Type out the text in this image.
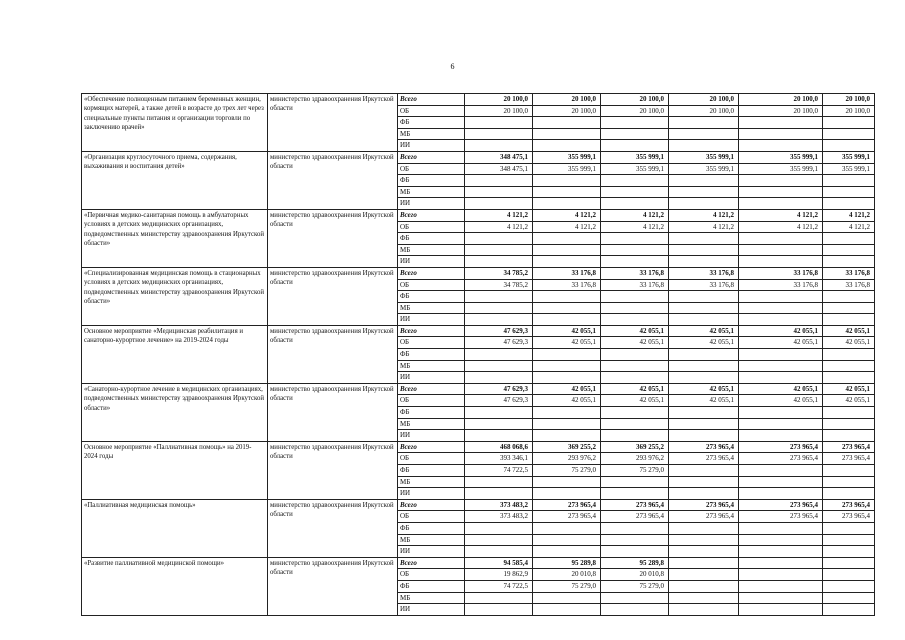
6
«Обеспечение полноценным питанием беременных женщин, кормящих матерей, а также детей в возрасте до трех лет через специальные пункты питания и организации торговли по заключению врачей»	министерство здравоохранения Иркутской области	Всего	20 100,0	20 100,0	20 100,0	20 100,0	20 100,0	20 100,0	
		ОБ	20 100,0	20 100,0	20 100,0	20 100,0	20 100,0	20 100,0	
		ФБ							
		МБ							
		ИИ							
«Организация круглосуточного приема, содержания, выхаживания и воспитания детей»	министерство здравоохранения Иркутской области	Всего	348 475,1	355 999,1	355 999,1	355 999,1	355 999,1	355 999,1	
		ОБ	348 475,1	355 999,1	355 999,1	355 999,1	355 999,1	355 999,1	
		ФБ							
		МБ							
		ИИ							
«Первичная медико-санитарная помощь в амбулаторных условиях в детских медицинских организациях, подведомственных министерству здравоохранения Иркутской области»	министерство здравоохранения Иркутской области	Всего	4 121,2	4 121,2	4 121,2	4 121,2	4 121,2	4 121,2	
		ОБ	4 121,2	4 121,2	4 121,2	4 121,2	4 121,2	4 121,2	
		ФБ							
		МБ							
		ИИ							
«Специализированная медицинская помощь в стационарных условиях в детских медицинских организациях, подведомственных министерству здравоохранения Иркутской области»	министерство здравоохранения Иркутской области	Всего	34 785,2	33 176,8	33 176,8	33 176,8	33 176,8	33 176,8	
		ОБ	34 785,2	33 176,8	33 176,8	33 176,8	33 176,8	33 176,8	
		ФБ							
		МБ							
		ИИ							
Основное мероприятие «Медицинская реабилитация и санаторно-курортное лечение» на 2019-2024 годы	министерство здравоохранения Иркутской области	Всего	47 629,3	42 055,1	42 055,1	42 055,1	42 055,1	42 055,1	
		ОБ	47 629,3	42 055,1	42 055,1	42 055,1	42 055,1	42 055,1	
		ФБ							
		МБ							
		ИИ							
«Санаторно-курортное лечение в медицинских организациях, подведомственных министерству здравоохранения Иркутской области»	министерство здравоохранения Иркутской области	Всего	47 629,3	42 055,1	42 055,1	42 055,1	42 055,1	42 055,1	
		ОБ	47 629,3	42 055,1	42 055,1	42 055,1	42 055,1	42 055,1	
		ФБ							
		МБ							
		ИИ							
Основное мероприятие «Паллиативная помощь» на 2019-2024 годы	министерство здравоохранения Иркутской области	Всего	468 068,6	369 255,2	369 255,2	273 965,4	273 965,4	273 965,4	
		ОБ	393 346,1	293 976,2	293 976,2	273 965,4	273 965,4	273 965,4	
		ФБ	74 722,5	75 279,0	75 279,0				
		МБ							
		ИИ							
«Паллиативная медицинская помощь»	министерство здравоохранения Иркутской области	Всего	373 483,2	273 965,4	273 965,4	273 965,4	273 965,4	273 965,4	
		ОБ	373 483,2	273 965,4	273 965,4	273 965,4	273 965,4	273 965,4	
		ФБ							
		МБ							
		ИИ							
«Развитие паллиативной медицинской помощи»	министерство здравоохранения Иркутской области	Всего	94 585,4	95 289,8	95 289,8				
		ОБ	19 862,9	20 010,8	20 010,8				
		ФБ	74 722,5	75 279,0	75 279,0				
		МБ							
		ИИ							
